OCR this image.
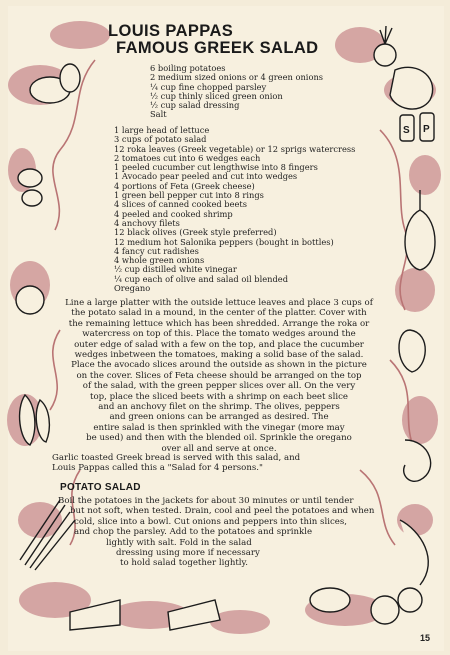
S P
LOUIS PAPPAS
FAMOUS GREEK SALAD
6 boiling potatoes
2 medium sized onions or 4 green onions
¼ cup fine chopped parsley
½ cup thinly sliced green onion
½ cup salad dressing
Salt
1 large head of lettuce
3 cups of potato salad
12 roka leaves (Greek vegetable) or 12 sprigs watercress
2 tomatoes cut into 6 wedges each
1 peeled cucumber cut lengthwise into 8 fingers
1 Avocado pear peeled and cut into wedges
4 portions of Feta (Greek cheese)
1 green bell pepper cut into 8 rings
4 slices of canned cooked beets
4 peeled and cooked shrimp
4 anchovy filets
12 black olives (Greek style preferred)
12 medium hot Salonika peppers (bought in bottles)
4 fancy cut radishes
4 whole green onions
½ cup distilled white vinegar
¼ cup each of olive and salad oil blended
Oregano
Line a large platter with the outside lettuce leaves and place 3 cups of
the potato salad in a mound, in the center of the platter. Cover with
the remaining lettuce which has been shredded. Arrange the roka or
watercress on top of this. Place the tomato wedges around the
outer edge of salad with a few on the top, and place the cucumber
wedges inbetween the tomatoes, making a solid base of the salad.
Place the avocado slices around the outside as shown in the picture
on the cover. Slices of Feta cheese should be arranged on the top
of the salad, with the green pepper slices over all. On the very
top, place the sliced beets with a shrimp on each beet slice
and an anchovy filet on the shrimp. The olives, peppers
and green onions can be arranged as desired. The
entire salad is then sprinkled with the vinegar (more may
be used) and then with the blended oil. Sprinkle the oregano
over all and serve at once.
Garlic toasted Greek bread is served with this salad, and
Louis Pappas called this a "Salad for 4 persons."
POTATO SALAD
Boil the potatoes in the jackets for about 30 minutes or until tender
but not soft, when tested. Drain, cool and peel the potatoes and when
cold, slice into a bowl. Cut onions and peppers into thin slices,
and chop the parsley. Add to the potatoes and sprinkle
lightly with salt. Fold in the salad
dressing using more if necessary
to hold salad together lightly.
15
